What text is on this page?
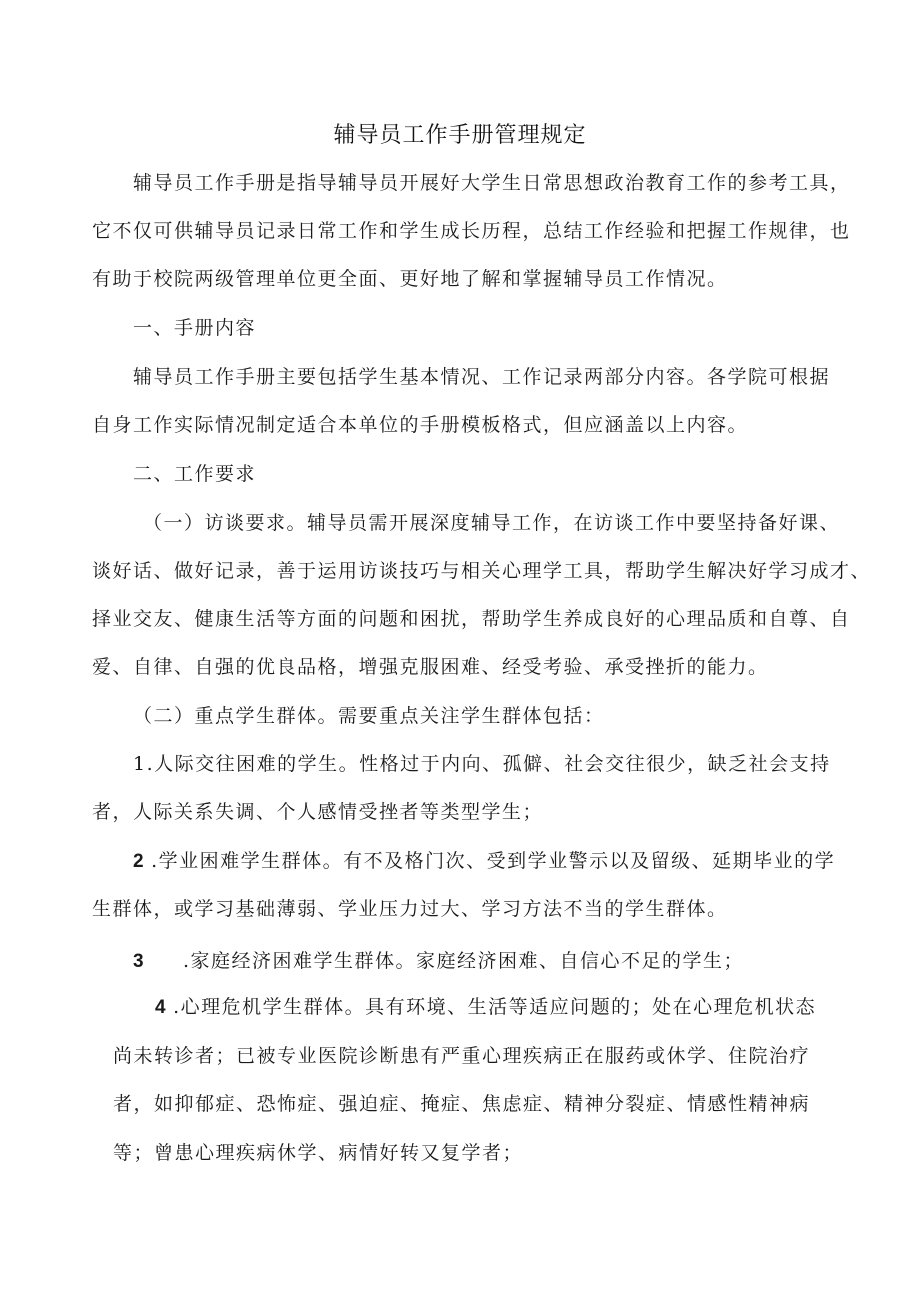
辅导员工作手册管理规定
辅导员工作手册是指导辅导员开展好大学生日常思想政治教育工作的参考工具，
它不仅可供辅导员记录日常工作和学生成长历程，总结工作经验和把握工作规律，也
有助于校院两级管理单位更全面、更好地了解和掌握辅导员工作情况。
一、手册内容
辅导员工作手册主要包括学生基本情况、工作记录两部分内容。各学院可根据
自身工作实际情况制定适合本单位的手册模板格式，但应涵盖以上内容。
二、工作要求
（一）访谈要求。辅导员需开展深度辅导工作，在访谈工作中要坚持备好课、
谈好话、做好记录，善于运用访谈技巧与相关心理学工具，帮助学生解决好学习成才、
择业交友、健康生活等方面的问题和困扰，帮助学生养成良好的心理品质和自尊、自
爱、自律、自强的优良品格，增强克服困难、经受考验、承受挫折的能力。
（二）重点学生群体。需要重点关注学生群体包括：
1.人际交往困难的学生。性格过于内向、孤僻、社会交往很少，缺乏社会支持
者，人际关系失调、个人感情受挫者等类型学生；
2 .学业困难学生群体。有不及格门次、受到学业警示以及留级、延期毕业的学
生群体，或学习基础薄弱、学业压力过大、学习方法不当的学生群体。
3 .家庭经济困难学生群体。家庭经济困难、自信心不足的学生；
4 .心理危机学生群体。具有环境、生活等适应问题的；处在心理危机状态
尚未转诊者；已被专业医院诊断患有严重心理疾病正在服药或休学、住院治疗
者，如抑郁症、恐怖症、强迫症、掩症、焦虑症、精神分裂症、情感性精神病
等；曾患心理疾病休学、病情好转又复学者；
